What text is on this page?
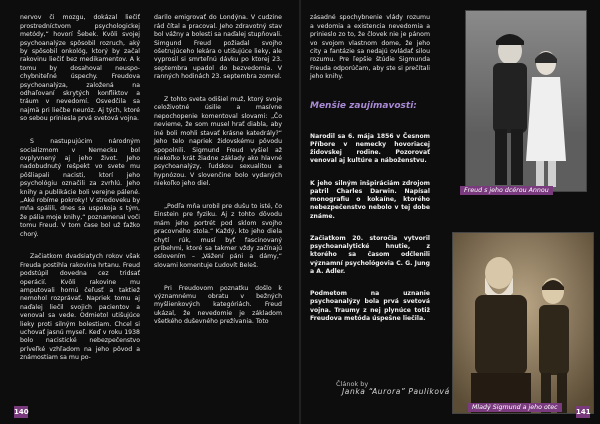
nervov či mozgu, dokázal liečiť prostredníctvom psychologickej metódy,“ hovorí Šebek. Kvôli svojej psychoanalýze spôsobil rozruch, aký by spôsobil onkológ, ktorý by začal rakovinu liečiť bez medikamentov. A k tomu by dosahoval neuspochybniteľné úspechy. Freudova psychoanalýza, založená na odhaľovaní skrytých konfliktov a tráum v nevedomí. Osvedčila sa najmä pri liečbe neuróz. Aj tých, ktoré so sebou priniesla prvá svetová vojna.

S nastupujúcim národným socializmom v Nemecku bol ovplyvnený aj jeho život. Jeho nadobudnutý rešpekt vo svete mu pôšliapali nacisti, ktorí jeho psychológiu označili za zvrhlú. Jeho knihy a publikácie boli verejne pálené. „Aké robíme pokroky! V stredoveku by mňa spálili, dnes sa uspokoja s tým, že pália moje knihy,“ poznamenal voči tomu Freud. V tom čase bol už ťažko chorý.

Začiatkom dvadsiatych rokov však Freuda postihla rakovina hrtanu. Freud podstúpil dovedna cez tridsať operácií. Kvôli rakovine mu amputovali hornú čeľusť a taktiež nemohol rozprávať. Napriek tomu aj naďalej liečil svojich pacientov a venoval sa vede. Odmietol utišujúce lieky proti silným bolestiam. Chcel si uchovať jasnú myseľ. Keď v roku 1938 bolo nacistické nebezpečenstvo príveľké vzhľadom na jeho pôvod a známostiam sa mu po-

darilo emigrovať do Londýna. V cudzine rád čítal a pracoval. Jeho zdravotný stav bol vážny a bolesti sa naďalej stupňovali. Simgund Freud požiadal svojho ošetrujúceho lekára o utišujúce lieky, ale vyprosil si smrteľnú dávku po ktorej 23. septembra upadol do bezvedomia. V ranných hodinách 23. septembra zomrel.

Z tohto sveta odišiel muž, ktorý svoje celoživotné úsilie a masívne nepochopenie komentoval slovami: „Čo nevieme, že som musel hrať diabla, aby iné boli mohli stavať krásne katedrály?“ Jeho telo napriek židovskému pôvodu spopolnili. Sigmund Freud vyšiel až niekoľko krát žiadne základy ako hlavné psychoanalýzy, ľudskou sexualitou a hypnózou. V slovenčine bolo vydaných niekoľko jeho diel.

„Podľa mňa urobil pre dušu to isté, čo Einstein pre fyziku. Aj z tohto dôvodu mám jeho portrét pod sklom svojho pracovného stola.“ Každý, kto jeho diela chytí rúk, musí byť fascinovaný príbehmi, ktoré sa takmer vždy začínajú oslovením – „Vážení páni a dámy,“ slovami komentuje Ľudovít Beleš.

Pri Freudovom poznatku došlo k významnému obratu v bežných myšlienkových kategóriách. Freud ukázal, že nevedomie je základom všetkého duševného prežívania. Toto

140

zásadné spochybnenie vlády rozumu a vedomia a existencia nevedomia a prinieslo zo to, že človek nie je pánom vo svojom vlastnom dome, že jeho city a fantázie sa nedajú ovládať silou rozumu. Pre ľepšie štúdie Sigmunda Freuda odporúčam, aby ste si prečítali jeho knihy.

Menšie zaujímavosti:

Narodil sa 6. mája 1856 v Česnom Příbore v nemecky hovoriacej židovskej rodine. Pozorovať venoval aj kultúre a náboženstvu.

K jeho silným inšpiráciám zdrojom patril Charles Darwin. Napísal monografiu o kokaíne, ktorého nebezpečenstvo nebolo v tej dobe známe.

Začiatkom 20. storočia vytvoril psychoanalytické hnutie, z ktorého sa časom odčlenili významní psychológovia C. G. Jung a A. Adler.

Podmetom na uznanie psychoanalýzy bola prvá svetová vojna. Traumy z nej plynúce totiž Freudova metóda úspešne liečila.

Freud s jeho dcérou Annou
Mladý Sigmund a jeho otec
Článok by
Janka “Aurora” Pauliková
141
